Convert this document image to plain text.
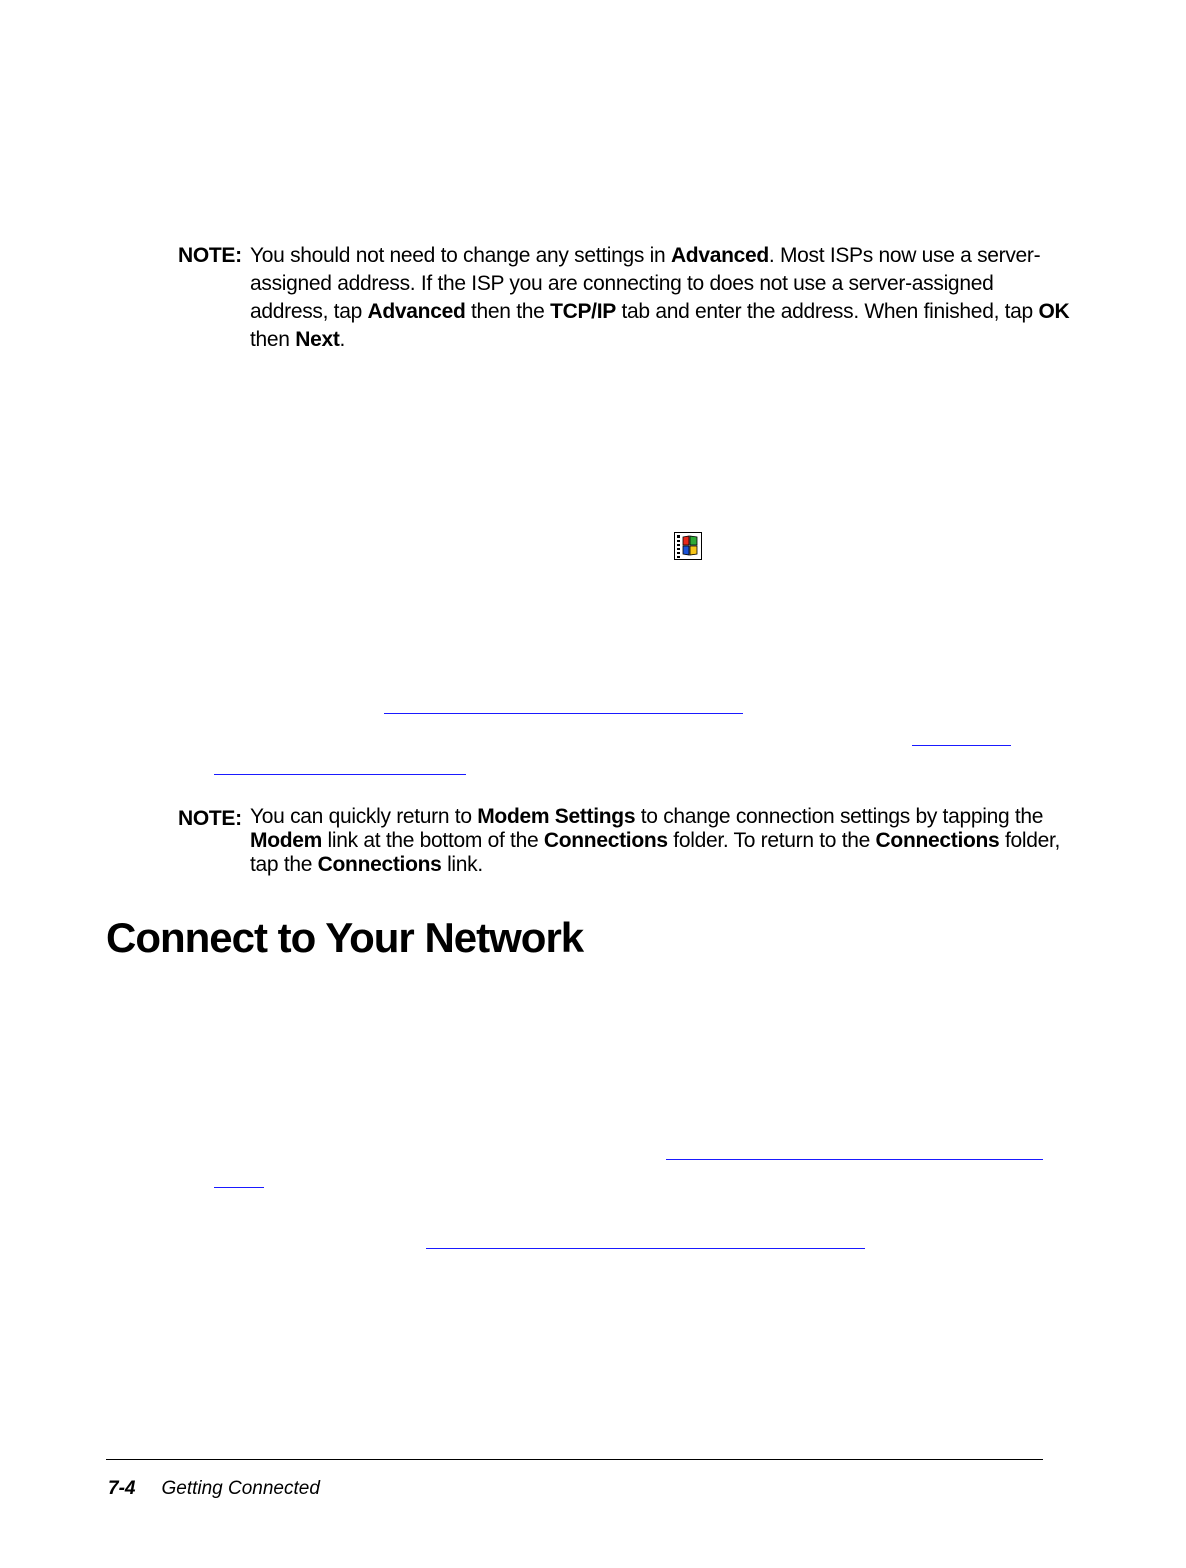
NOTE: You should not need to change any settings in Advanced. Most ISPs now use a server-
assigned address. If the ISP you are connecting to does not use a server-assigned
address, tap Advanced then the TCP/IP tab and enter the address. When finished, tap OK
then Next.
NOTE: You can quickly return to Modem Settings to change connection settings by tapping the
Modem link at the bottom of the Connections folder. To return to the Connections folder,
tap the Connections link.
Connect to Your Network
7-4 Getting Connected
